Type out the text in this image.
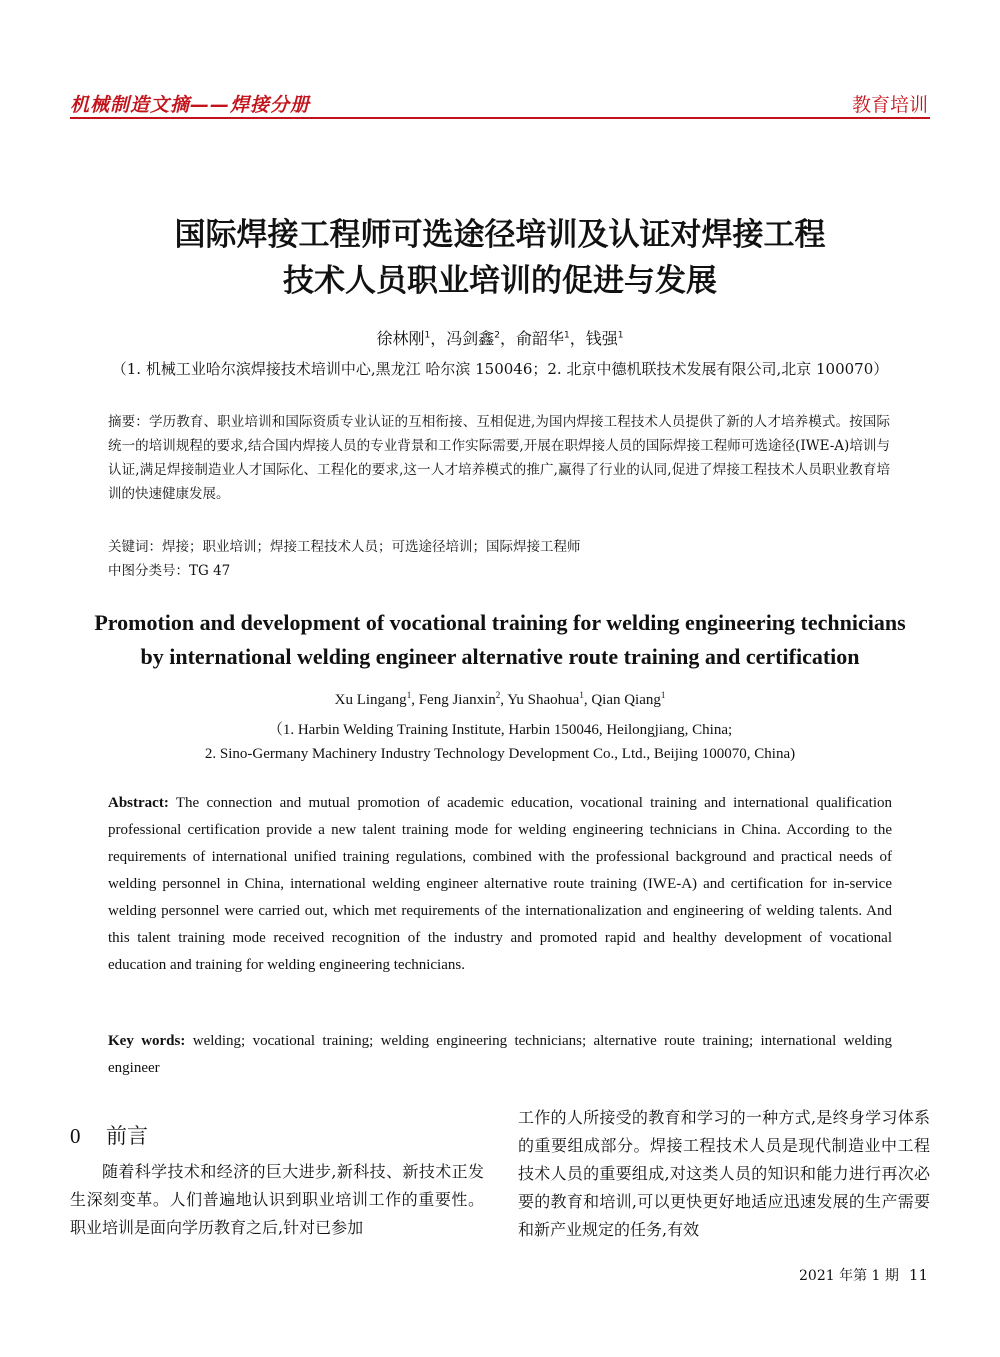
机械制造文摘——焊接分册	教育培训
国际焊接工程师可选途径培训及认证对焊接工程
技术人员职业培训的促进与发展
徐林刚$^1$，冯剑鑫$^2$，俞韶华$^1$，钱强$^1$
（1. 机械工业哈尔滨焊接技术培训中心,黑龙江 哈尔滨 150046；2. 北京中德机联技术发展有限公司,北京 100070）
摘要：学历教育、职业培训和国际资质专业认证的互相衔接、互相促进,为国内焊接工程技术人员提供了新的人才培养模式。按国际统一的培训规程的要求,结合国内焊接人员的专业背景和工作实际需要,开展在职焊接人员的国际焊接工程师可选途径(IWE-A)培训与认证,满足焊接制造业人才国际化、工程化的要求,这一人才培养模式的推广,赢得了行业的认同,促进了焊接工程技术人员职业教育培训的快速健康发展。
关键词：焊接；职业培训；焊接工程技术人员；可选途径培训；国际焊接工程师
中图分类号：TG 47
Promotion and development of vocational training for welding engineering technicians
by international welding engineer alternative route training and certification
Xu Lingang$^1$, Feng Jianxin$^2$, Yu Shaohua$^1$, Qian Qiang$^1$
（1. Harbin Welding Training Institute, Harbin 150046, Heilongjiang, China;
2. Sino-Germany Machinery Industry Technology Development Co., Ltd., Beijing 100070, China)
Abstract: The connection and mutual promotion of academic education, vocational training and international qualification professional certification provide a new talent training mode for welding engineering technicians in China. According to the requirements of international unified training regulations, combined with the professional background and practical needs of welding personnel in China, international welding engineer alternative route training (IWE-A) and certification for in-service welding personnel were carried out, which met requirements of the internationalization and engineering of welding talents. And this talent training mode received recognition of the industry and promoted rapid and healthy development of vocational education and training for welding engineering technicians.
Key words: welding; vocational training; welding engineering technicians; alternative route training; international welding engineer
0 前言
随着科学技术和经济的巨大进步,新科技、新技术正发生深刻变革。人们普遍地认识到职业培训工作的重要性。职业培训是面向学历教育之后,针对已参加
工作的人所接受的教育和学习的一种方式,是终身学习体系的重要组成部分。焊接工程技术人员是现代制造业中工程技术人员的重要组成,对这类人员的知识和能力进行再次必要的教育和培训,可以更快更好地适应迅速发展的生产需要和新产业规定的任务,有效
2021 年第 1 期 11
